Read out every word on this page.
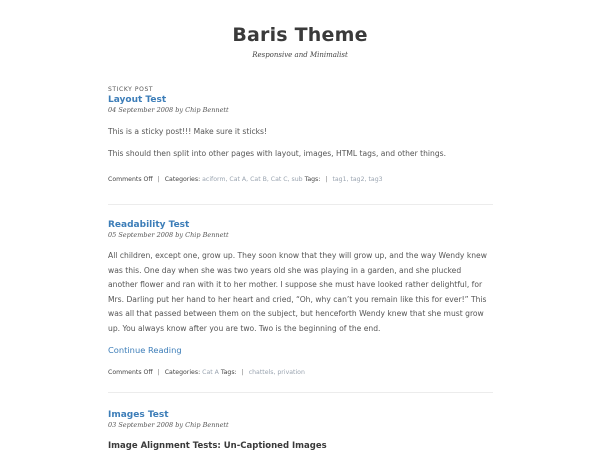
Baris Theme
Responsive and Minimalist
STICKY POST
Layout Test
04 September 2008 by Chip Bennett

This is a sticky post!!! Make sure it sticks!

This should then split into other pages with layout, images, HTML tags, and other things.

Comments Off | Categories: aciform, Cat A, Cat B, Cat C, sub Tags: | tag1, tag2, tag3
Readability Test
05 September 2008 by Chip Bennett

All children, except one, grow up. They soon know that they will grow up, and the way Wendy knew was this. One day when she was two years old she was playing in a garden, and she plucked another flower and ran with it to her mother. I suppose she must have looked rather delightful, for Mrs. Darling put her hand to her heart and cried, “Oh, why can’t you remain like this for ever!” This was all that passed between them on the subject, but henceforth Wendy knew that she must grow up. You always know after you are two. Two is the beginning of the end.

Continue Reading
Comments Off | Categories: Cat A Tags: | chattels, privation
Images Test
03 September 2008 by Chip Bennett
Image Alignment Tests: Un-Captioned Images
